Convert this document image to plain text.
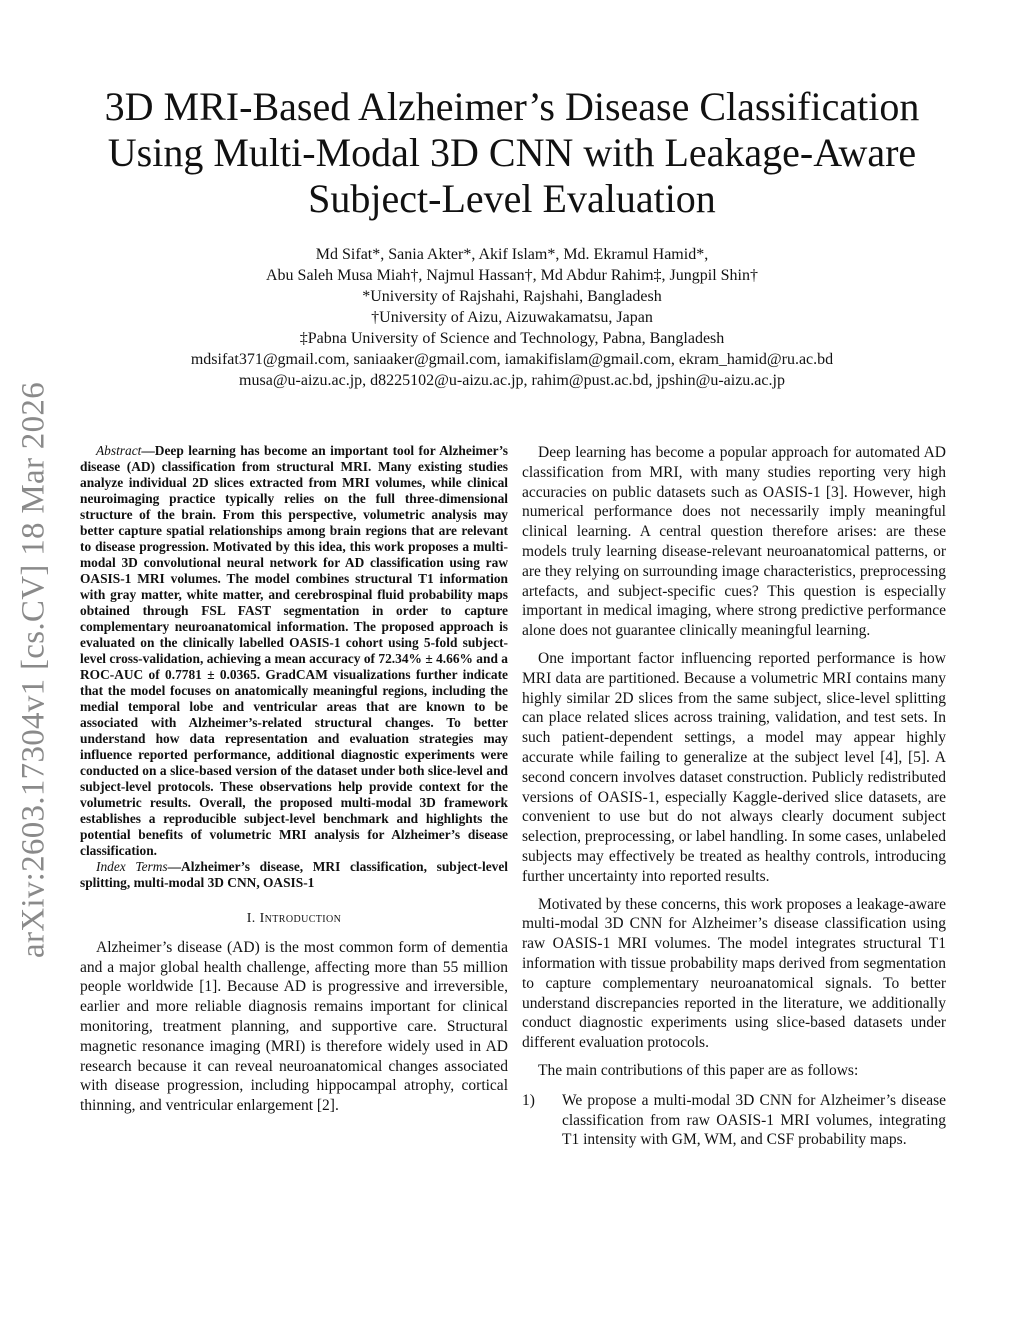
arXiv:2603.17304v1 [cs.CV] 18 Mar 2026
3D MRI-Based Alzheimer’s Disease Classification
Using Multi-Modal 3D CNN with Leakage-Aware
Subject-Level Evaluation
Md Sifat*, Sania Akter*, Akif Islam*, Md. Ekramul Hamid*,
Abu Saleh Musa Miah†, Najmul Hassan†, Md Abdur Rahim‡, Jungpil Shin†
*University of Rajshahi, Rajshahi, Bangladesh
†University of Aizu, Aizuwakamatsu, Japan
‡Pabna University of Science and Technology, Pabna, Bangladesh
mdsifat371@gmail.com, saniaaker@gmail.com, iamakifislam@gmail.com, ekram_hamid@ru.ac.bd
musa@u-aizu.ac.jp, d8225102@u-aizu.ac.jp, rahim@pust.ac.bd, jpshin@u-aizu.ac.jp

Abstract—Deep learning has become an important tool for Alzheimer’s disease (AD) classification from structural MRI. Many existing studies analyze individual 2D slices extracted from MRI volumes, while clinical neuroimaging practice typically relies on the full three-dimensional structure of the brain. From this perspective, volumetric analysis may better capture spatial relationships among brain regions that are relevant to disease progression. Motivated by this idea, this work proposes a multi-modal 3D convolutional neural network for AD classification using raw OASIS-1 MRI volumes. The model combines structural T1 information with gray matter, white matter, and cerebrospinal fluid probability maps obtained through FSL FAST segmentation in order to capture complementary neuroanatomical information. The proposed approach is evaluated on the clinically labelled OASIS-1 cohort using 5-fold subject-level cross-validation, achieving a mean accuracy of 72.34% ± 4.66% and a ROC-AUC of 0.7781 ± 0.0365. GradCAM visualizations further indicate that the model focuses on anatomically meaningful regions, including the medial temporal lobe and ventricular areas that are known to be associated with Alzheimer’s-related structural changes. To better understand how data representation and evaluation strategies may influence reported performance, additional diagnostic experiments were conducted on a slice-based version of the dataset under both slice-level and subject-level protocols. These observations help provide context for the volumetric results. Overall, the proposed multi-modal 3D framework establishes a reproducible subject-level benchmark and highlights the potential benefits of volumetric MRI analysis for Alzheimer’s disease classification.

Index Terms—Alzheimer’s disease, MRI classification, subject-level splitting, multi-modal 3D CNN, OASIS-1

I. Introduction

Alzheimer’s disease (AD) is the most common form of dementia and a major global health challenge, affecting more than 55 million people worldwide [1]. Because AD is progressive and irreversible, earlier and more reliable diagnosis remains important for clinical monitoring, treatment planning, and supportive care. Structural magnetic resonance imaging (MRI) is therefore widely used in AD research because it can reveal neuroanatomical changes associated with disease progression, including hippocampal atrophy, cortical thinning, and ventricular enlargement [2].

Deep learning has become a popular approach for automated AD classification from MRI, with many studies reporting very high accuracies on public datasets such as OASIS-1 [3]. However, high numerical performance does not necessarily imply meaningful clinical learning. A central question therefore arises: are these models truly learning disease-relevant neuroanatomical patterns, or are they relying on surrounding image characteristics, preprocessing artefacts, and subject-specific cues? This question is especially important in medical imaging, where strong predictive performance alone does not guarantee clinically meaningful learning.

One important factor influencing reported performance is how MRI data are partitioned. Because a volumetric MRI contains many highly similar 2D slices from the same subject, slice-level splitting can place related slices across training, validation, and test sets. In such patient-dependent settings, a model may appear highly accurate while failing to generalize at the subject level [4], [5]. A second concern involves dataset construction. Publicly redistributed versions of OASIS-1, especially Kaggle-derived slice datasets, are convenient to use but do not always clearly document subject selection, preprocessing, or label handling. In some cases, unlabeled subjects may effectively be treated as healthy controls, introducing further uncertainty into reported results.

Motivated by these concerns, this work proposes a leakage-aware multi-modal 3D CNN for Alzheimer’s disease classification using raw OASIS-1 MRI volumes. The model integrates structural T1 information with tissue probability maps derived from segmentation to capture complementary neuroanatomical signals. To better understand discrepancies reported in the literature, we additionally conduct diagnostic experiments using slice-based datasets under different evaluation protocols.

The main contributions of this paper are as follows:

1)	We propose a multi-modal 3D CNN for Alzheimer’s disease classification from raw OASIS-1 MRI volumes, integrating T1 intensity with GM, WM, and CSF probability maps.
